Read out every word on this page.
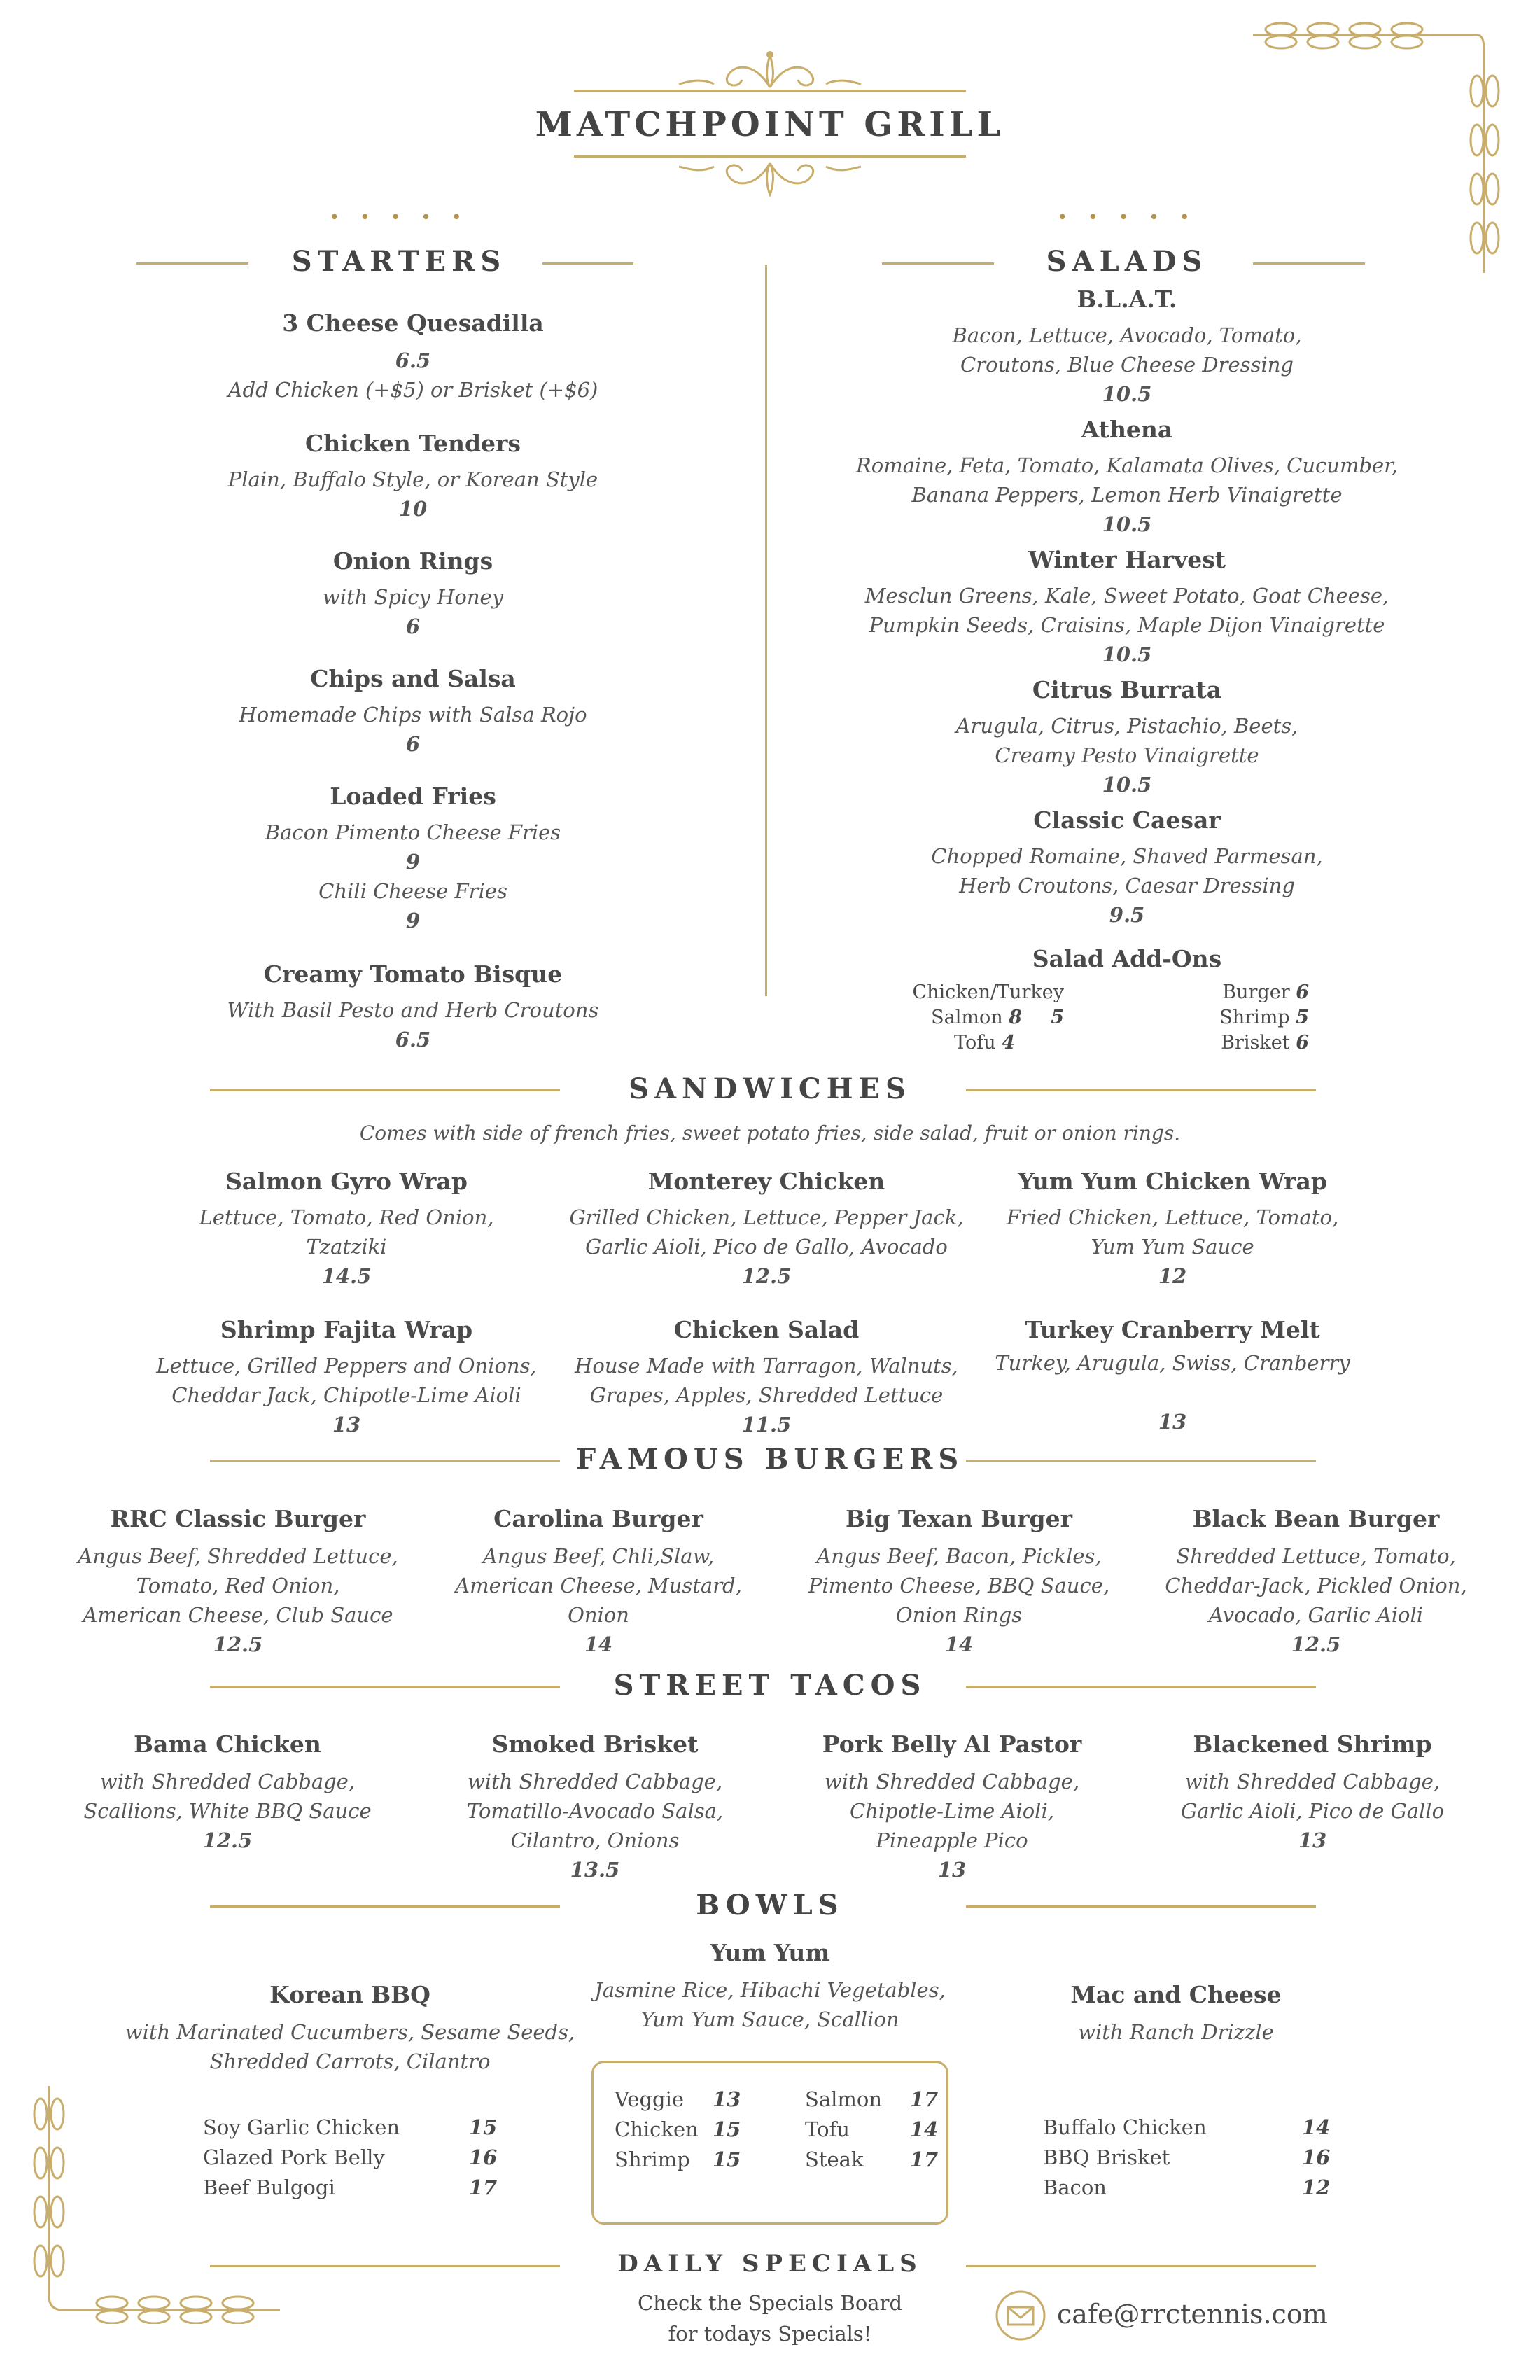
MATCHPOINT GRILL
• • • • •
STARTERS
3 Cheese Quesadilla
6.5
Add Chicken (+$5) or Brisket (+$6)
Chicken Tenders
Plain, Buffalo Style, or Korean Style
10
Onion Rings
with Spicy Honey
6
Chips and Salsa
Homemade Chips with Salsa Rojo
6
Loaded Fries
Bacon Pimento Cheese Fries
9
Chili Cheese Fries
9
Creamy Tomato Bisque
With Basil Pesto and Herb Croutons
6.5
• • • • •
SALADS
B.L.A.T.
Bacon, Lettuce, Avocado, Tomato,
Croutons, Blue Cheese Dressing
10.5
Athena
Romaine, Feta, Tomato, Kalamata Olives, Cucumber,
Banana Peppers, Lemon Herb Vinaigrette
10.5
Winter Harvest
Mesclun Greens, Kale, Sweet Potato, Goat Cheese,
Pumpkin Seeds, Craisins, Maple Dijon Vinaigrette
10.5
Citrus Burrata
Arugula, Citrus, Pistachio, Beets,
Creamy Pesto Vinaigrette
10.5
Classic Caesar
Chopped Romaine, Shaved Parmesan,
Herb Croutons, Caesar Dressing
9.5
Salad Add-Ons
Chicken/Turkey 5
Salmon 8
Tofu 4
Burger 6
Shrimp 5
Brisket 6
SANDWICHES
Comes with side of french fries, sweet potato fries, side salad, fruit or onion rings.
Salmon Gyro Wrap
Lettuce, Tomato, Red Onion,
Tzatziki
14.5
Monterey Chicken
Grilled Chicken, Lettuce, Pepper Jack,
Garlic Aioli, Pico de Gallo, Avocado
12.5
Yum Yum Chicken Wrap
Fried Chicken, Lettuce, Tomato,
Yum Yum Sauce
12
Shrimp Fajita Wrap
Lettuce, Grilled Peppers and Onions,
Cheddar Jack, Chipotle-Lime Aioli
13
Chicken Salad
House Made with Tarragon, Walnuts,
Grapes, Apples, Shredded Lettuce
11.5
Turkey Cranberry Melt
Turkey, Arugula, Swiss, Cranberry
13
FAMOUS BURGERS
RRC Classic Burger
Angus Beef, Shredded Lettuce,
Tomato, Red Onion,
American Cheese, Club Sauce
12.5
Carolina Burger
Angus Beef, Chli,Slaw,
American Cheese, Mustard,
Onion
14
Big Texan Burger
Angus Beef, Bacon, Pickles,
Pimento Cheese, BBQ Sauce,
Onion Rings
14
Black Bean Burger
Shredded Lettuce, Tomato,
Cheddar-Jack, Pickled Onion,
Avocado, Garlic Aioli
12.5
STREET TACOS
Bama Chicken
with Shredded Cabbage,
Scallions, White BBQ Sauce
12.5
Smoked Brisket
with Shredded Cabbage,
Tomatillo-Avocado Salsa,
Cilantro, Onions
13.5
Pork Belly Al Pastor
with Shredded Cabbage,
Chipotle-Lime Aioli,
Pineapple Pico
13
Blackened Shrimp
with Shredded Cabbage,
Garlic Aioli, Pico de Gallo
13
BOWLS
Yum Yum
Jasmine Rice, Hibachi Vegetables,
Yum Yum Sauce, Scallion
Veggie 13
Chicken 15
Shrimp 15
Salmon 17
Tofu	14
Steak 17
Korean BBQ
with Marinated Cucumbers, Sesame Seeds,
Shredded Carrots, Cilantro
Soy Garlic Chicken	15
Glazed Pork Belly	16
Beef Bulgogi	17
Mac and Cheese
with Ranch Drizzle
Buffalo Chicken	14
BBQ Brisket	16
Bacon	12
DAILY SPECIALS
Check the Specials Board
for todays Specials!
cafe@rrctennis.com
